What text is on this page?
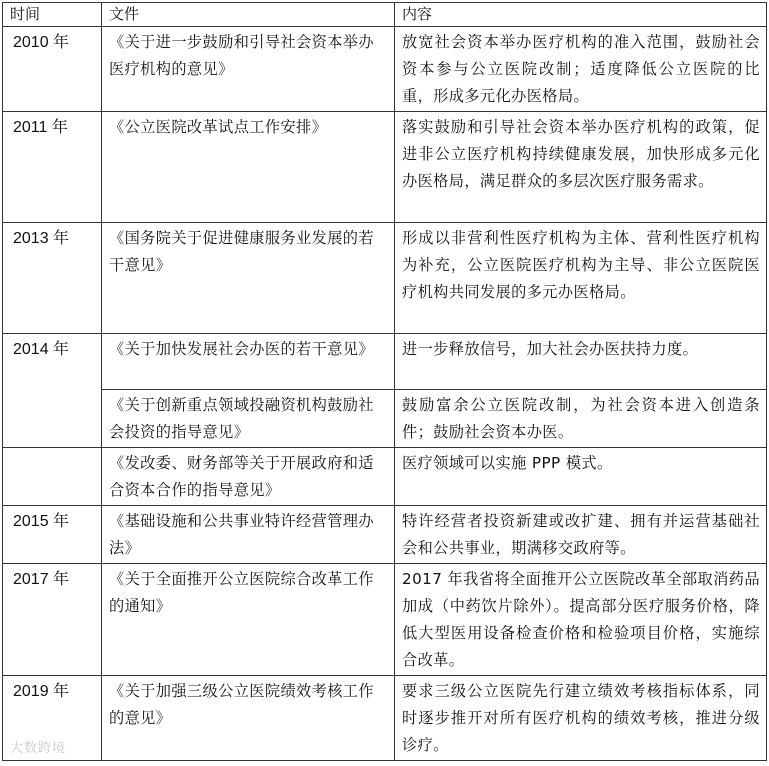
时间	文件	内容
2010 年	《关于进一步鼓励和引导社会资本举办医疗机构的意见》	放宽社会资本举办医疗机构的准入范围，鼓励社会资本参与公立医院改制；适度降低公立医院的比重，形成多元化办医格局。
2011 年	《公立医院改革试点工作安排》	落实鼓励和引导社会资本举办医疗机构的政策，促进非公立医疗机构持续健康发展，加快形成多元化办医格局，满足群众的多层次医疗服务需求。
2013 年	《国务院关于促进健康服务业发展的若干意见》	形成以非营利性医疗机构为主体、营利性医疗机构为补充，公立医院医疗机构为主导、非公立医院医疗机构共同发展的多元办医格局。
2014 年	《关于加快发展社会办医的若干意见》	进一步释放信号，加大社会办医扶持力度。
	《关于创新重点领域投融资机构鼓励社会投资的指导意见》	鼓励富余公立医院改制，为社会资本进入创造条件；鼓励社会资本办医。
	《发改委、财务部等关于开展政府和适合资本合作的指导意见》	医疗领域可以实施 PPP 模式。
2015 年	《基础设施和公共事业特许经营管理办法》	特许经营者投资新建或改扩建、拥有并运营基础社会和公共事业，期满移交政府等。
2017 年	《关于全面推开公立医院综合改革工作的通知》	2017 年我省将全面推开公立医院改革全部取消药品加成（中药饮片除外）。提高部分医疗服务价格，降低大型医用设备检查价格和检验项目价格，实施综合改革。
2019 年	《关于加强三级公立医院绩效考核工作的意见》	要求三级公立医院先行建立绩效考核指标体系，同时逐步推开对所有医疗机构的绩效考核，推进分级诊疗。
大数跨境
